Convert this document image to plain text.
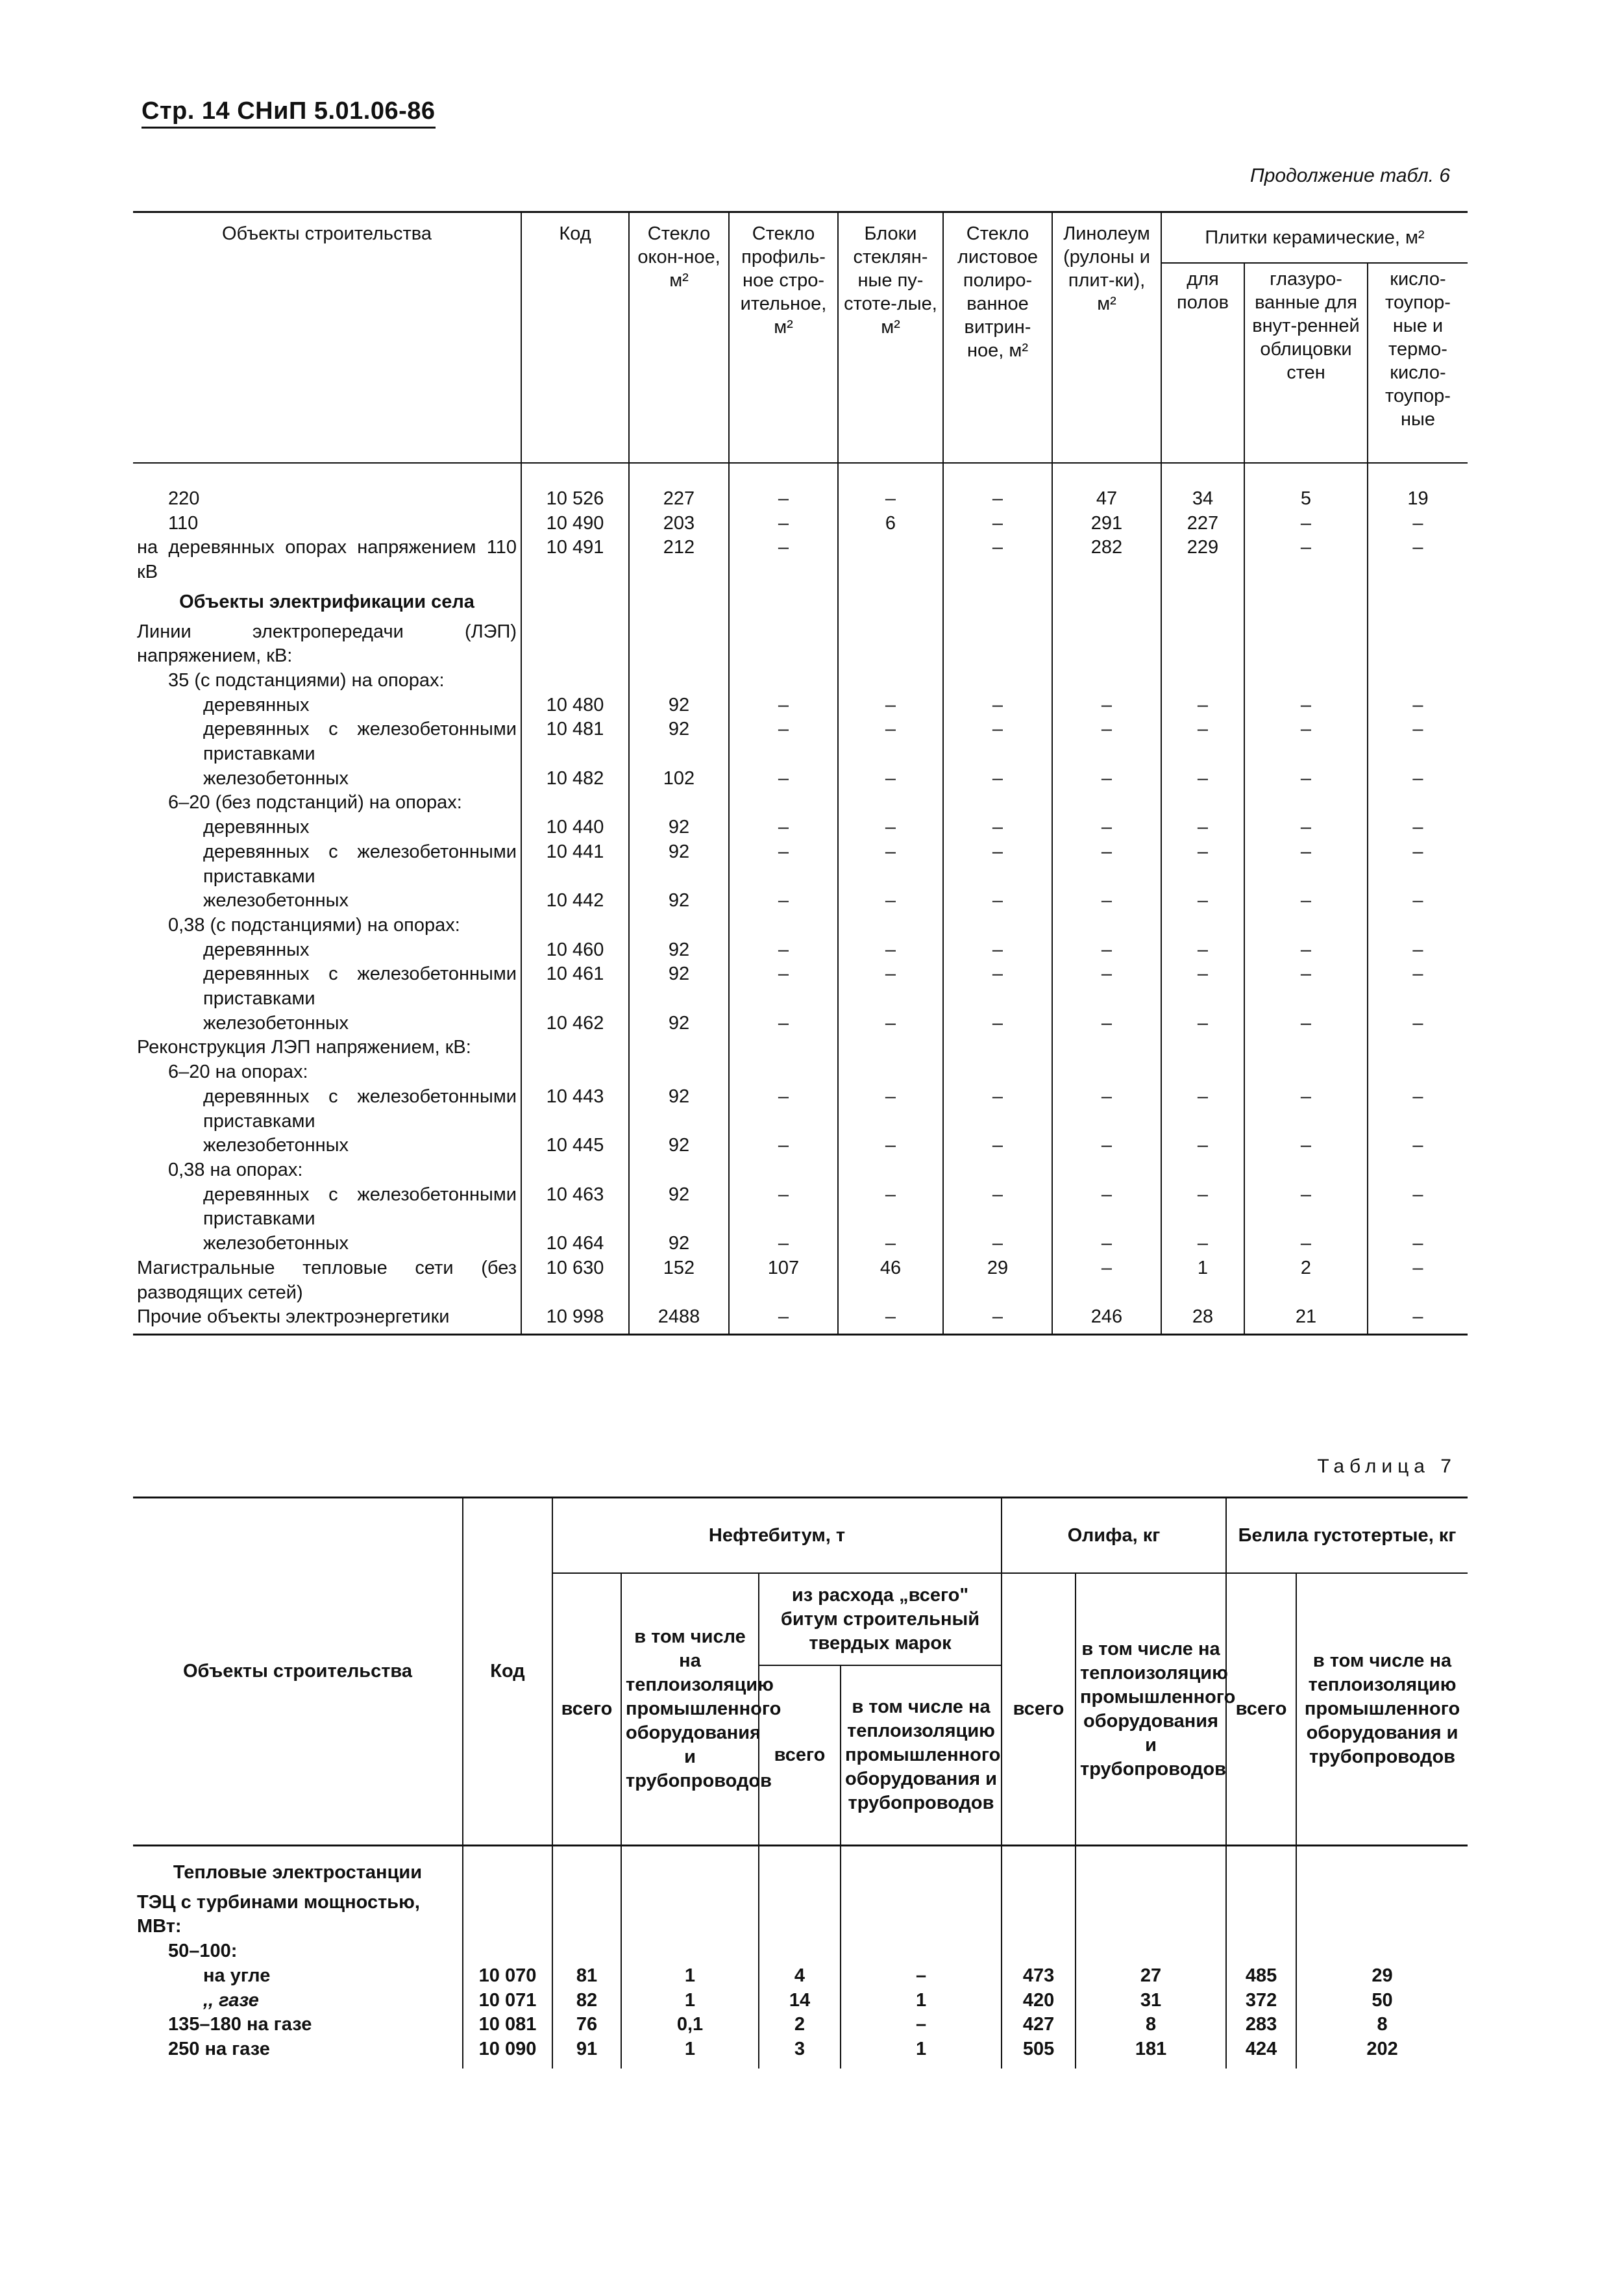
Стр. 14 СНиП 5.01.06-86
Продолжение табл. 6
Объекты строительства	Код	Стекло окон-ное, м²	Стекло профиль-ное стро-ительное, м²	Блоки стеклян-ные пу-стоте-лые, м²	Стекло листовое полиро-ванное витрин-ное, м²	Линолеум (рулоны и плит-ки), м²	Плитки керамические, м²		
							для полов	глазуро-ванные для внут-ренней облицовки стен	кисло-тоупор-ные и термо-кисло-тоупор-ные
220	10 526	227	–	–	–	47	34	5	19
110	10 490	203	–	6	–	291	227	–	–
на деревянных опорах напряжением 110 кВ	10 491	212	–		–	282	229	–	–
Объекты электрификации села									
Линии электропередачи (ЛЭП) напряжением, кВ:									
35 (с подстанциями) на опорах:									
деревянных	10 480	92	–	–	–	–	–	–	–
деревянных с железобетонными приставками	10 481	92	–	–	–	–	–	–	–
железобетонных	10 482	102	–	–	–	–	–	–	–
6–20 (без подстанций) на опорах:									
деревянных	10 440	92	–	–	–	–	–	–	–
деревянных с железобетонными приставками	10 441	92	–	–	–	–	–	–	–
железобетонных	10 442	92	–	–	–	–	–	–	–
0,38 (с подстанциями) на опорах:									
деревянных	10 460	92	–	–	–	–	–	–	–
деревянных с железобетонными приставками	10 461	92	–	–	–	–	–	–	–
железобетонных	10 462	92	–	–	–	–	–	–	–
Реконструкция ЛЭП напряжением, кВ:									
6–20 на опорах:									
деревянных с железобетонными приставками	10 443	92	–	–	–	–	–	–	–
железобетонных	10 445	92	–	–	–	–	–	–	–
0,38 на опорах:									
деревянных с железобетонными приставками	10 463	92	–	–	–	–	–	–	–
железобетонных	10 464	92	–	–	–	–	–	–	–
Магистральные тепловые сети (без разводящих сетей)	10 630	152	107	46	29	–	1	2	–
Прочие объекты электроэнергетики	10 998	2488	–	–	–	246	28	21	–
Таблица 7
Объекты строительства	Код	Нефтебитум, т				Олифа, кг		Белила густотертые, кг	
		всего	в том числе на теплоизоляцию промышленного оборудования и трубопроводов	из расхода „всего" битум строительный твердых марок		всего	в том числе на теплоизоляцию промышленного оборудования и трубопроводов	всего	в том числе на теплоизоляцию промышленного оборудования и трубопроводов
				всего	в том числе на теплоизоляцию промышленного оборудования и трубопроводов				
Тепловые электростанции									
ТЭЦ с турбинами мощностью, МВт:									
50–100:									
на угле	10 070	81	1	4	–	473	27	485	29
,, газе	10 071	82	1	14	1	420	31	372	50
135–180 на газе	10 081	76	0,1	2	–	427	8	283	8
250 на газе	10 090	91	1	3	1	505	181	424	202
